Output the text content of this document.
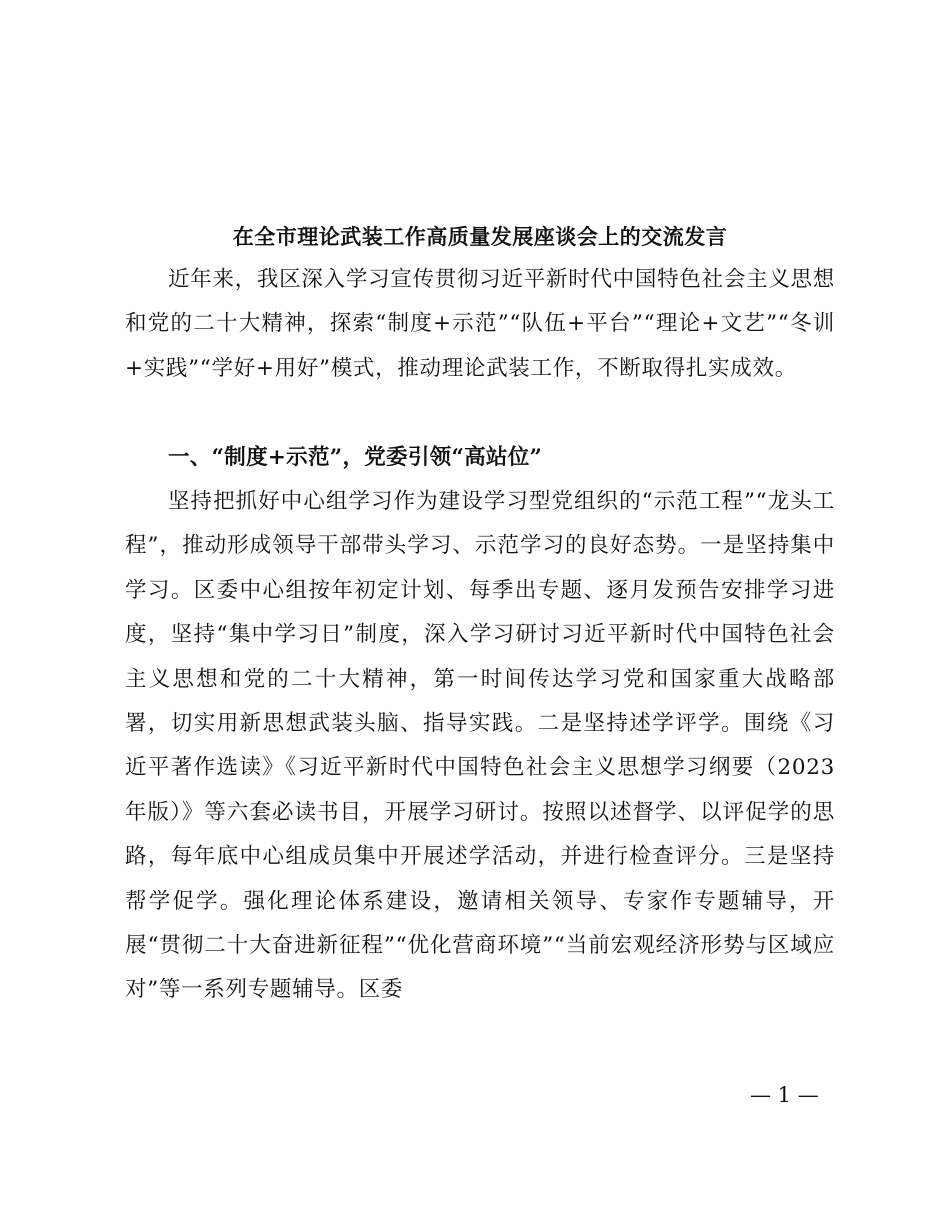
在全市理论武装工作高质量发展座谈会上的交流发言

近年来，我区深入学习宣传贯彻习近平新时代中国特色社会主义思想和党的二十大精神，探索“制度+示范”“队伍+平台”“理论+文艺”“冬训+实践”“学好+用好”模式，推动理论武装工作，不断取得扎实成效。

一、“制度+示范”，党委引领“高站位”

坚持把抓好中心组学习作为建设学习型党组织的“示范工程”“龙头工程”，推动形成领导干部带头学习、示范学习的良好态势。一是坚持集中学习。区委中心组按年初定计划、每季出专题、逐月发预告安排学习进度，坚持“集中学习日”制度，深入学习研讨习近平新时代中国特色社会主义思想和党的二十大精神，第一时间传达学习党和国家重大战略部署，切实用新思想武装头脑、指导实践。二是坚持述学评学。围绕《习近平著作选读》《习近平新时代中国特色社会主义思想学习纲要（2023年版）》等六套必读书目，开展学习研讨。按照以述督学、以评促学的思路，每年底中心组成员集中开展述学活动，并进行检查评分。三是坚持帮学促学。强化理论体系建设，邀请相关领导、专家作专题辅导，开展“贯彻二十大奋进新征程”“优化营商环境”“当前宏观经济形势与区域应对”等一系列专题辅导。区委

— 1 —
